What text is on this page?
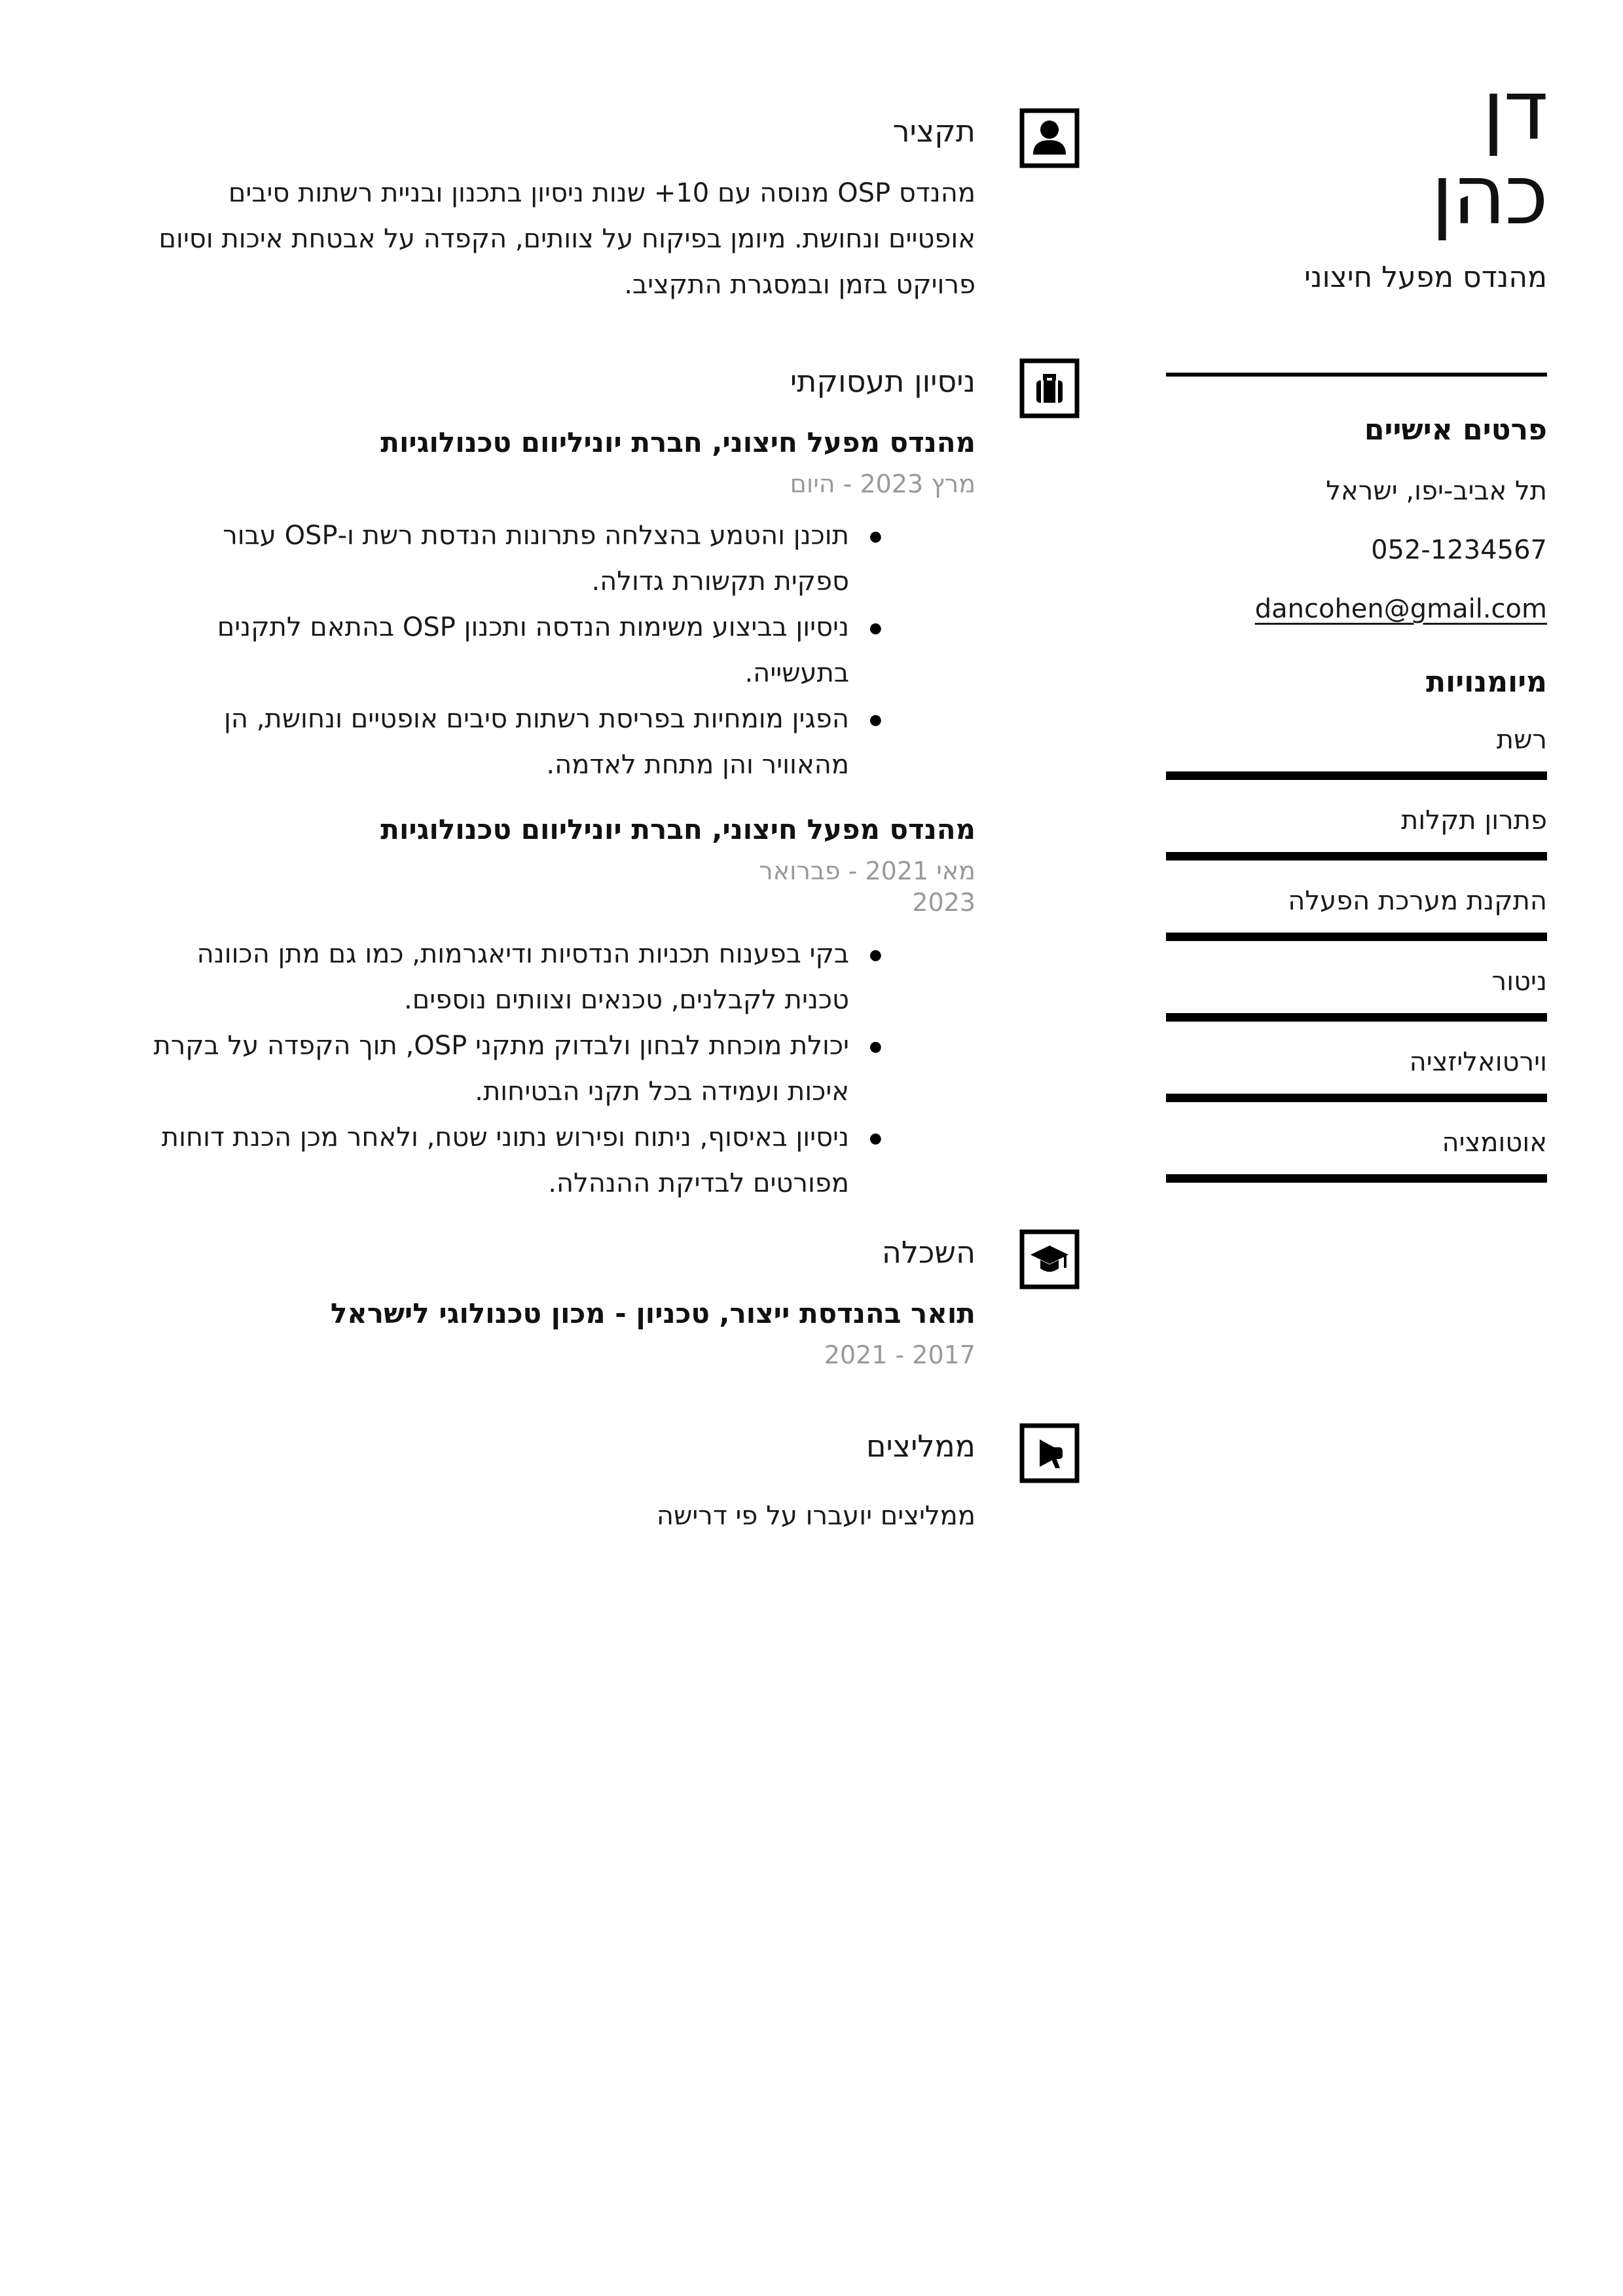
דן
כהן
מהנדס מפעל חיצוני
פרטים אישיים
תל אביב-יפו, ישראל
052-1234567
dancohen@gmail.com
מיומנויות
רשת
פתרון תקלות
התקנת מערכת הפעלה
ניטור
וירטואליזציה
אוטומציה
תקציר

מהנדס OSP מנוסה עם 10+ שנות ניסיון בתכנון ובניית רשתות סיבים אופטיים ונחושת. מיומן בפיקוח על צוותים, הקפדה על אבטחת איכות וסיום פרויקט בזמן ובמסגרת התקציב.

ניסיון תעסוקתי
מהנדס מפעל חיצוני, חברת יוניליוום טכנולוגיות
מרץ 2023 - היום
● תוכנן והטמע בהצלחה פתרונות הנדסת רשת ו-OSP עבור ספקית תקשורת גדולה.
● ניסיון בביצוע משימות הנדסה ותכנון OSP בהתאם לתקנים בתעשייה.
● הפגין מומחיות בפריסת רשתות סיבים אופטיים ונחושת, הן מהאוויר והן מתחת לאדמה.
מהנדס מפעל חיצוני, חברת יוניליוום טכנולוגיות
מאי 2021 - פברואר 2023
● בקי בפענוח תכניות הנדסיות ודיאגרמות, כמו גם מתן הכוונה טכנית לקבלנים, טכנאים וצוותים נוספים.
● יכולת מוכחת לבחון ולבדוק מתקני OSP, תוך הקפדה על בקרת איכות ועמידה בכל תקני הבטיחות.
● ניסיון באיסוף, ניתוח ופירוש נתוני שטח, ולאחר מכן הכנת דוחות מפורטים לבדיקת ההנהלה.
השכלה
תואר בהנדסת ייצור, טכניון - מכון טכנולוגי לישראל
2017 - 2021
ממליצים

ממליצים יועברו על פי דרישה
